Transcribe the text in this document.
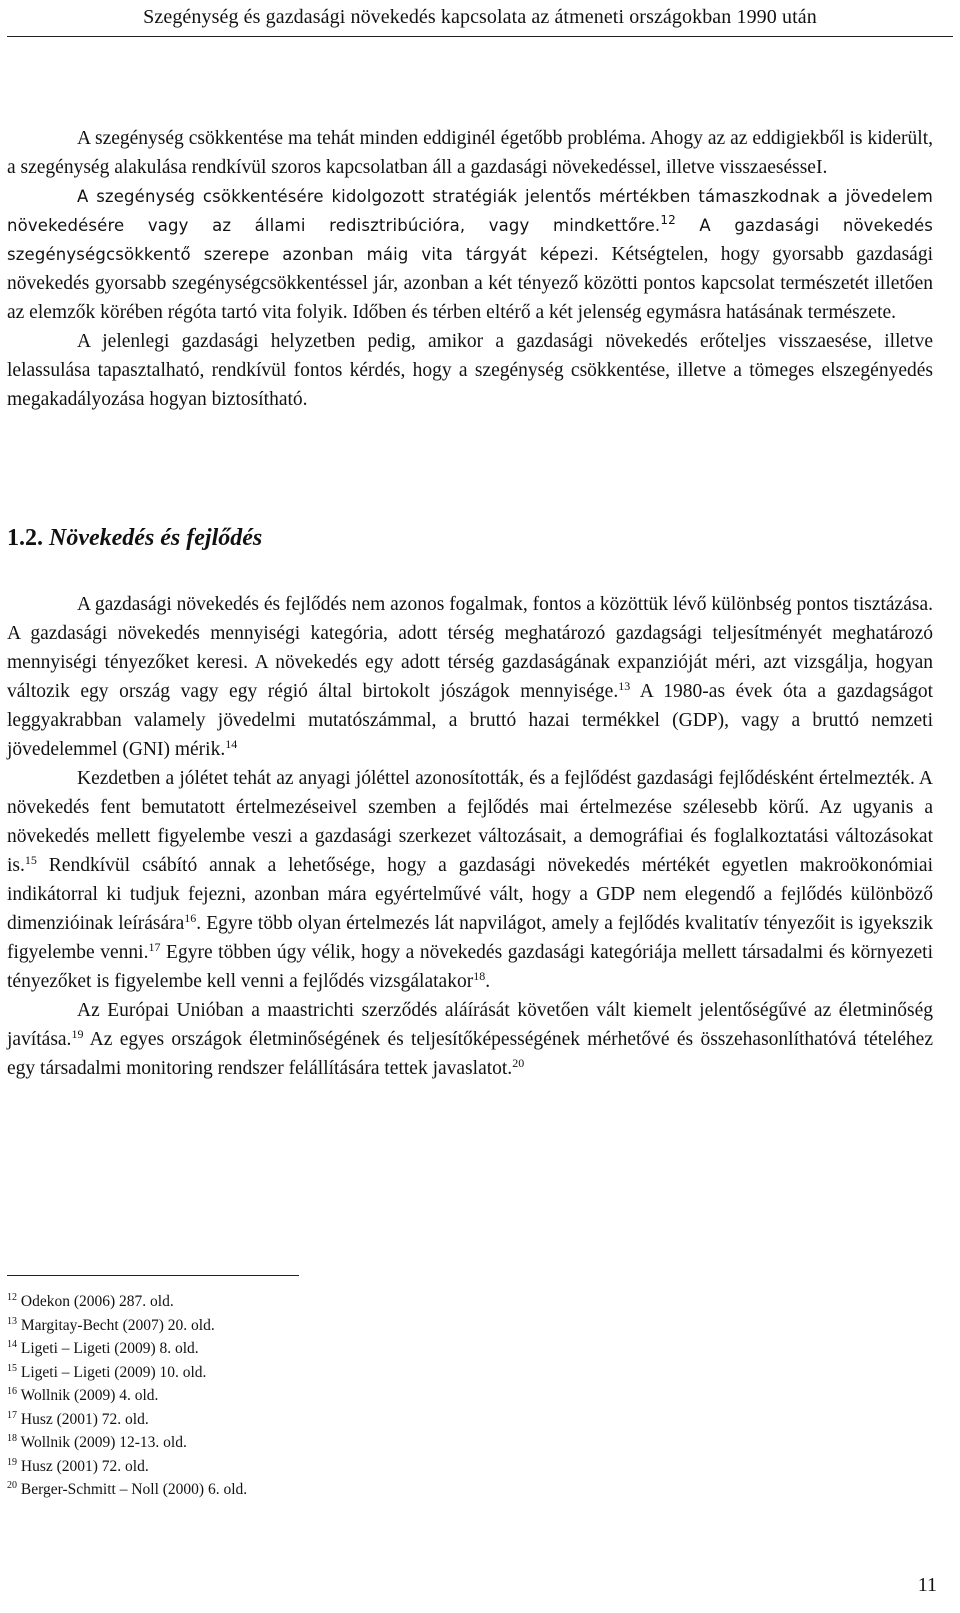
Szegénység és gazdasági növekedés kapcsolata az átmeneti országokban 1990 után

A szegénység csökkentése ma tehát minden eddiginél égetőbb probléma. Ahogy az az eddigiekből is kiderült, a szegénység alakulása rendkívül szoros kapcsolatban áll a gazdasági növekedéssel, illetve visszaesésseI.

A szegénység csökkentésére kidolgozott stratégiák jelentős mértékben támaszkodnak a jövedelem növekedésére vagy az állami redisztribúcióra, vagy mindkettőre.$^{12}$ A gazdasági növekedés szegénységcsökkentő szerepe azonban máig vita tárgyát képezi. Kétségtelen, hogy gyorsabb gazdasági növekedés gyorsabb szegénységcsökkentéssel jár, azonban a két tényező közötti pontos kapcsolat természetét illetően az elemzők körében régóta tartó vita folyik. Időben és térben eltérő a két jelenség egymásra hatásának természete.

A jelenlegi gazdasági helyzetben pedig, amikor a gazdasági növekedés erőteljes visszaesése, illetve lelassulása tapasztalható, rendkívül fontos kérdés, hogy a szegénység csökkentése, illetve a tömeges elszegényedés megakadályozása hogyan biztosítható.

1.2. Növekedés és fejlődés

A gazdasági növekedés és fejlődés nem azonos fogalmak, fontos a közöttük lévő különbség pontos tisztázása. A gazdasági növekedés mennyiségi kategória, adott térség meghatározó gazdagsági teljesítményét meghatározó mennyiségi tényezőket keresi. A növekedés egy adott térség gazdaságának expanzióját méri, azt vizsgálja, hogyan változik egy ország vagy egy régió által birtokolt jószágok mennyisége.$^{13}$ A 1980-as évek óta a gazdagságot leggyakrabban valamely jövedelmi mutatószámmal, a bruttó hazai termékkel (GDP), vagy a bruttó nemzeti jövedelemmel (GNI) mérik.$^{14}$

Kezdetben a jólétet tehát az anyagi jóléttel azonosították, és a fejlődést gazdasági fejlődésként értelmezték. A növekedés fent bemutatott értelmezéseivel szemben a fejlődés mai értelmezése szélesebb körű. Az ugyanis a növekedés mellett figyelembe veszi a gazdasági szerkezet változásait, a demográfiai és foglalkoztatási változásokat is.$^{15}$ Rendkívül csábító annak a lehetősége, hogy a gazdasági növekedés mértékét egyetlen makroökonómiai indikátorral ki tudjuk fejezni, azonban mára egyértelművé vált, hogy a GDP nem elegendő a fejlődés különböző dimenzióinak leírására$^{16}$. Egyre több olyan értelmezés lát napvilágot, amely a fejlődés kvalitatív tényezőit is igyekszik figyelembe venni.$^{17}$ Egyre többen úgy vélik, hogy a növekedés gazdasági kategóriája mellett társadalmi és környezeti tényezőket is figyelembe kell venni a fejlődés vizsgálatakor$^{18}$.

Az Európai Unióban a maastrichti szerződés aláírását követően vált kiemelt jelentőségűvé az életminőség javítása.$^{19}$ Az egyes országok életminőségének és teljesítőképességének mérhetővé és összehasonlíthatóvá tételéhez egy társadalmi monitoring rendszer felállítására tettek javaslatot.$^{20}$

$^{12}$ Odekon (2006) 287. old.
$^{13}$ Margitay-Becht (2007) 20. old.
$^{14}$ Ligeti – Ligeti (2009) 8. old.
$^{15}$ Ligeti – Ligeti (2009) 10. old.
$^{16}$ Wollnik (2009) 4. old.
$^{17}$ Husz (2001) 72. old.
$^{18}$ Wollnik (2009) 12-13. old.
$^{19}$ Husz (2001) 72. old.
$^{20}$ Berger-Schmitt – Noll (2000) 6. old.
11
